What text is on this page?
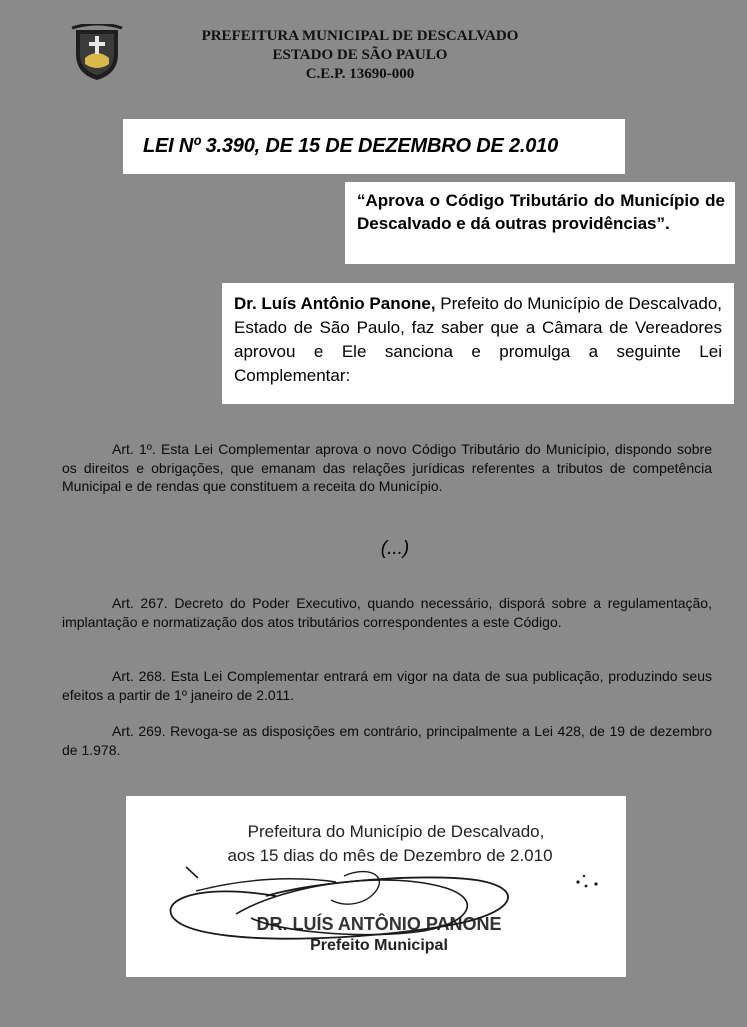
PREFEITURA MUNICIPAL DE DESCALVADO
ESTADO DE SÃO PAULO
C.E.P. 13690-000
LEI Nº 3.390, DE 15 DE DEZEMBRO DE 2.010

“Aprova o Código Tributário do Município de Descalvado e dá outras providências”.

Dr. Luís Antônio Panone, Prefeito do Município de Descalvado, Estado de São Paulo, faz saber que a Câmara de Vereadores aprovou e Ele sanciona e promulga a seguinte Lei Complementar:

Art. 1º. Esta Lei Complementar aprova o novo Código Tributário do Município, dispondo sobre os direitos e obrigações, que emanam das relações jurídicas referentes a tributos de competência Municipal e de rendas que constituem a receita do Município.

(...)

Art. 267. Decreto do Poder Executivo, quando necessário, disporá sobre a regulamentação, implantação e normatização dos atos tributários correspondentes a este Código.

Art. 268. Esta Lei Complementar entrará em vigor na data de sua publicação, produzindo seus efeitos a partir de 1º janeiro de 2.011.

Art. 269. Revoga-se as disposições em contrário, principalmente a Lei 428, de 19 de dezembro de 1.978.

Prefeitura do Município de Descalvado,
aos 15 dias do mês de Dezembro de 2.010
DR. LUÍS ANTÔNIO PANONE
Prefeito Municipal
